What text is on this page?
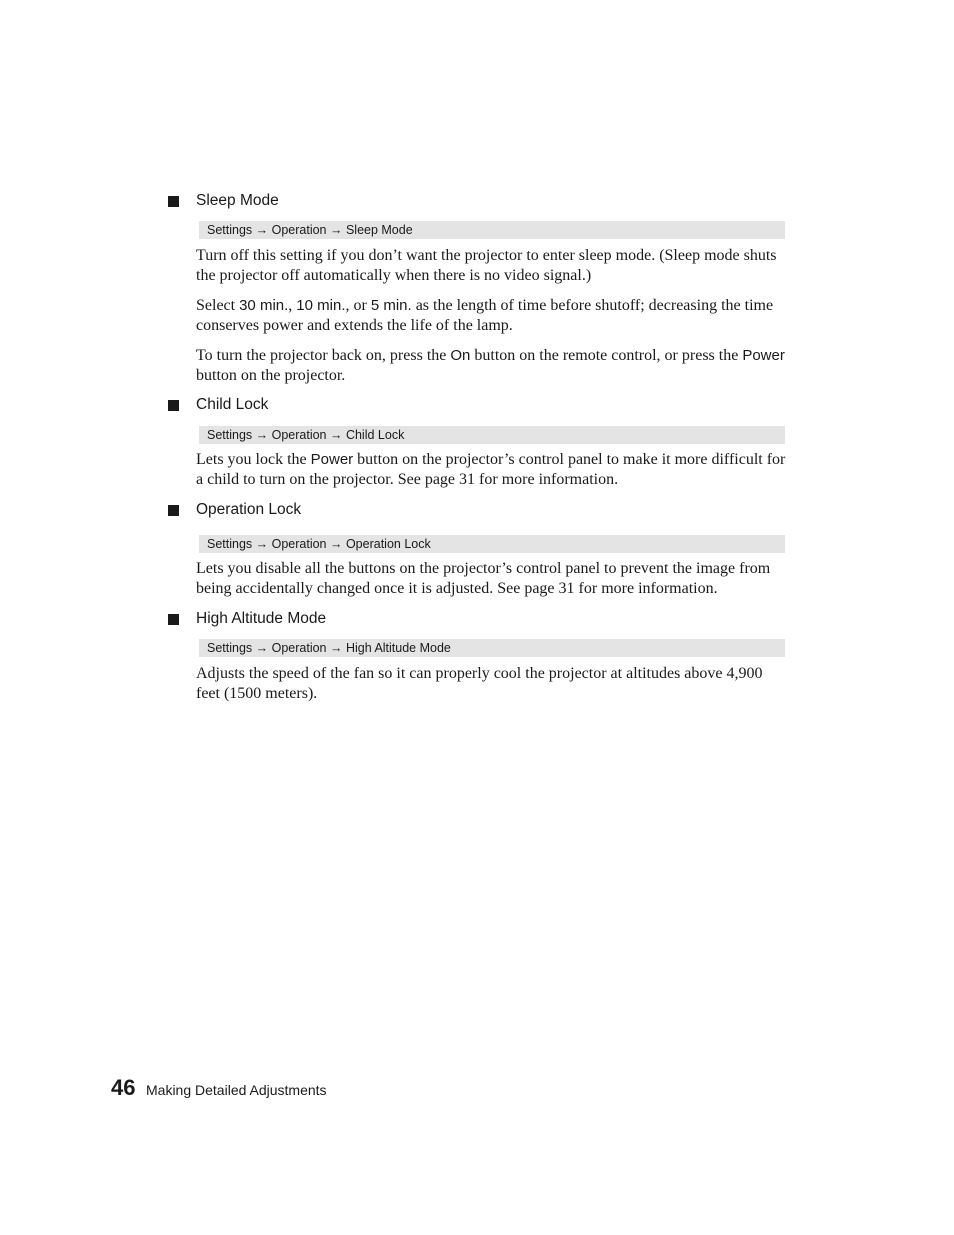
Sleep Mode
Settings → Operation → Sleep Mode
Turn off this setting if you don’t want the projector to enter sleep mode. (Sleep mode shuts the projector off automatically when there is no video signal.)
Select 30 min., 10 min., or 5 min. as the length of time before shutoff; decreasing the time conserves power and extends the life of the lamp.
To turn the projector back on, press the On button on the remote control, or press the Power button on the projector.
Child Lock
Settings → Operation → Child Lock
Lets you lock the Power button on the projector’s control panel to make it more difficult for a child to turn on the projector. See page 31 for more information.
Operation Lock
Settings → Operation → Operation Lock
Lets you disable all the buttons on the projector’s control panel to prevent the image from being accidentally changed once it is adjusted. See page 31 for more information.
High Altitude Mode
Settings → Operation → High Altitude Mode
Adjusts the speed of the fan so it can properly cool the projector at altitudes above 4,900 feet (1500 meters).
46 Making Detailed Adjustments
